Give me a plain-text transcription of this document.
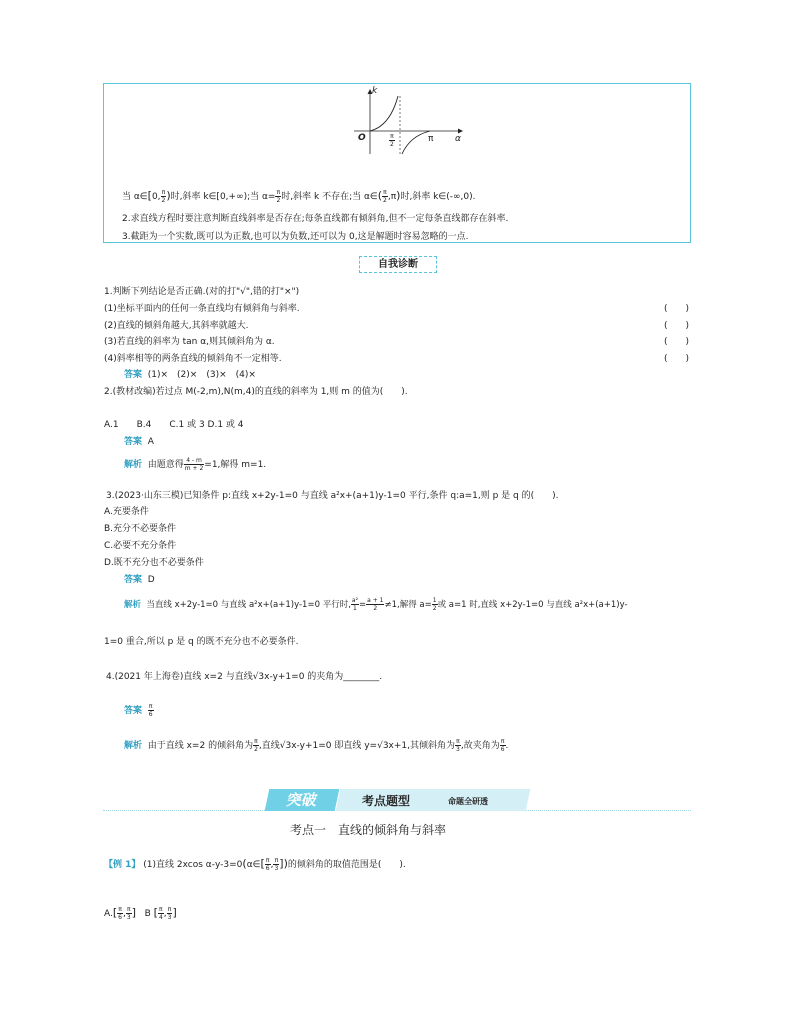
k
O	$\frac{\pi}{2}$	π α
当 α∈[0, $\frac{\pi}{2}$ )时,斜率 k∈[0,+∞);当 $\alpha= \frac{\pi}{2}$ 时,斜率 k 不存在;当 α∈( $\frac{\pi}{2} ,\pi$)时,斜率 k∈(-∞,0).
2.求直线方程时要注意判断直线斜率是否存在;每条直线都有倾斜角,但不一定每条直线都存在斜率.
3.截距为一个实数,既可以为正数,也可以为负数,还可以为 0,这是解题时容易忽略的一点.
自我诊断
1.判断下列结论是否正确.(对的打"√",错的打"×")
(1)坐标平面内的任何一条直线均有倾斜角与斜率.	(　　)
(2)直线的倾斜角越大,其斜率就越大.	(　　)
(3)若直线的斜率为 tan α,则其倾斜角为 α.	(　　)
(4)斜率相等的两条直线的倾斜角不一定相等.	(　　)
答案 (1)×　(2)×　(3)×　(4)×
2.(教材改编)若过点 M(-2,m),N(m,4)的直线的斜率为 1,则 m 的值为(　　).
A.1　　B.4　　C.1 或 3 D.1 或 4
答案 A
解析 由题意得 $\frac{4 - m}{m + 2} =1$,解得 m=1.
3.(2023·山东三模)已知条件 p:直线 x+2y-1=0 与直线 a²x+(a+1)y-1=0 平行,条件 q:a=1,则 p 是 q 的(　　).
A.充要条件
B.充分不必要条件
C.必要不充分条件
D.既不充分也不必要条件
答案 D
解析 当直线 x+2y-1=0 与直线 a²x+(a+1)y-1=0 平行时, $\frac{\text{a²}}{1} = \frac{a + 1}{2} \ne 1$,解得 $a= \frac{1}{2}$ 或 a=1 时,直线 x+2y-1=0 与直线 a²x+(a+1)y-
1=0 重合,所以 p 是 q 的既不充分也不必要条件.
4.(2021 年上海卷)直线 x=2 与直线√3x-y+1=0 的夹角为________.
答案 $\frac{\pi}{6}$
解析 由于直线 x=2 的倾斜角为 $\frac{\pi}{2}$ ,直线√3x-y+1=0 即直线 y=√3x+1,其倾斜角为 $\frac{\pi}{3}$ ,故夹角为 $\frac{\pi}{6}$ .
突破	考点题型	命题全研透
考点一　直线的倾斜角与斜率
【例 1】 (1)直线 2xcos α-y-3=0(α∈[ $\frac{\pi}{6}$ , $\frac{\pi}{3}$ ])的倾斜角的取值范围是(　　).
$A.[ \frac{\pi}{6}$ , $\frac{\pi}{3}$ ] B [ $\frac{\pi}{4}$ , $\frac{\pi}{3}$ ]
